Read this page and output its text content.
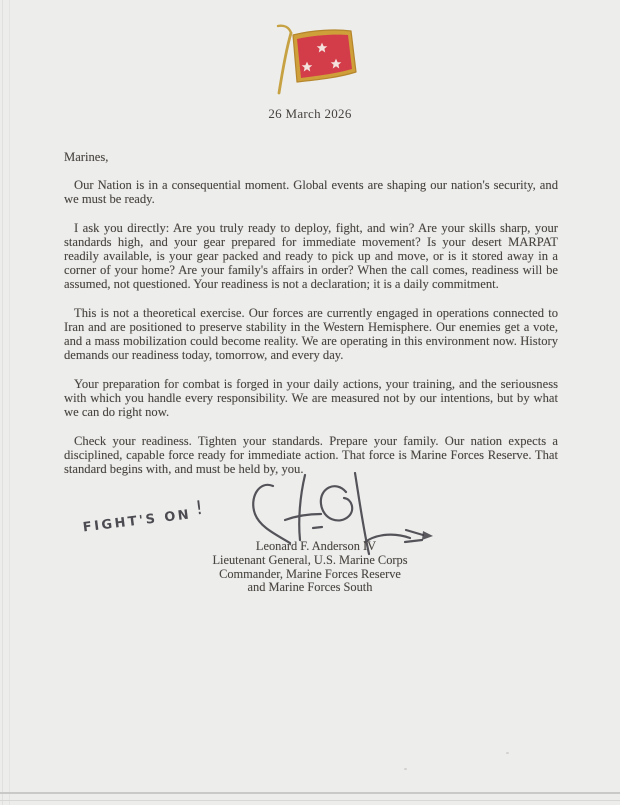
26 March 2026
Marines,

Our Nation is in a consequential moment. Global events are shaping our nation's security, and we must be ready.

I ask you directly: Are you truly ready to deploy, fight, and win? Are your skills sharp, your standards high, and your gear prepared for immediate movement? Is your desert MARPAT readily available, is your gear packed and ready to pick up and move, or is it stored away in a corner of your home? Are your family's affairs in order? When the call comes, readiness will be assumed, not questioned. Your readiness is not a declaration; it is a daily commitment.

This is not a theoretical exercise. Our forces are currently engaged in operations connected to Iran and are positioned to preserve stability in the Western Hemisphere. Our enemies get a vote, and a mass mobilization could become reality. We are operating in this environment now. History demands our readiness today, tomorrow, and every day.

Your preparation for combat is forged in your daily actions, your training, and the seriousness with which you handle every responsibility. We are measured not by our intentions, but by what we can do right now.

Check your readiness. Tighten your standards. Prepare your family. Our nation expects a disciplined, capable force ready for immediate action. That force is Marine Forces Reserve. That standard begins with, and must be held by, you.

FIGHT'S ON !
Leonard F. Anderson IV
Lieutenant General, U.S. Marine Corps
Commander, Marine Forces Reserve
and Marine Forces South
